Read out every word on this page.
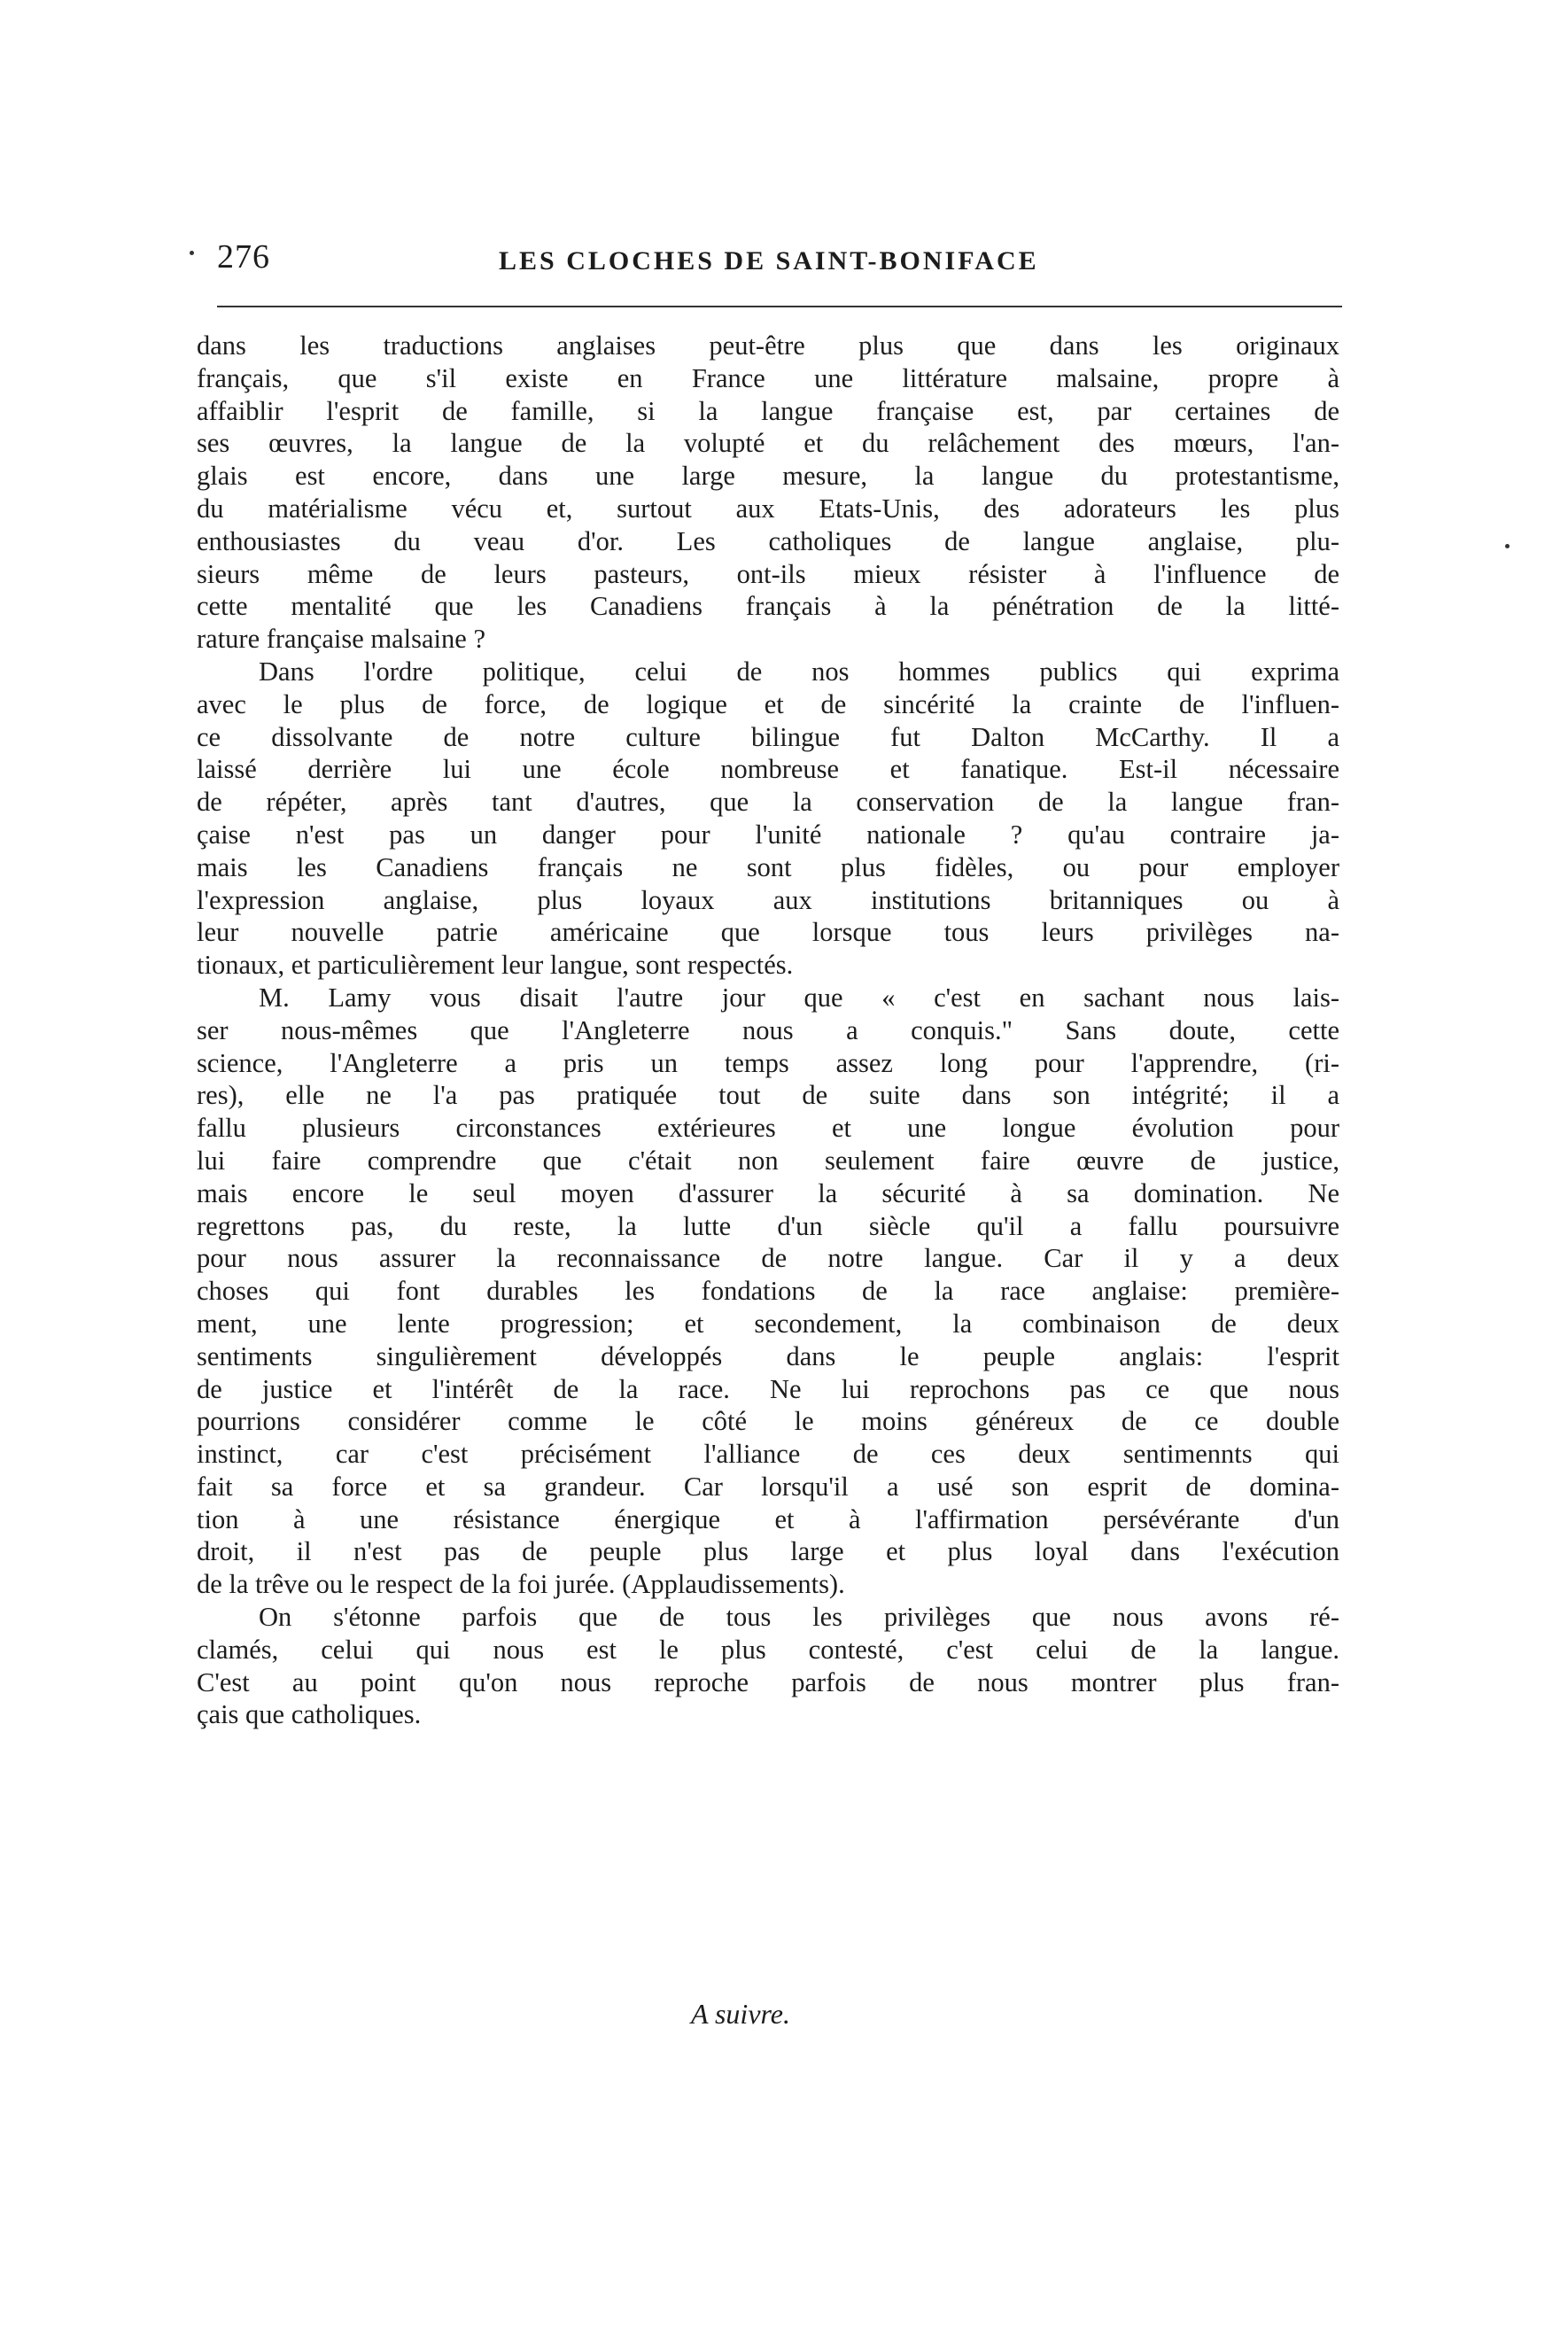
276	LES CLOCHES DE SAINT-BONIFACE
dans les traductions anglaises peut-être plus que dans les originaux
français, que s'il existe en France une littérature malsaine, propre à
affaiblir l'esprit de famille, si la langue française est, par certaines de
ses œuvres, la langue de la volupté et du relâchement des mœurs, l'an-
glais est encore, dans une large mesure, la langue du protestantisme,
du matérialisme vécu et, surtout aux Etats-Unis, des adorateurs les plus
enthousiastes du veau d'or. Les catholiques de langue anglaise, plu-
sieurs même de leurs pasteurs, ont-ils mieux résister à l'influence de
cette mentalité que les Canadiens français à la pénétration de la litté-
rature française malsaine ?
Dans l'ordre politique, celui de nos hommes publics qui exprima
avec le plus de force, de logique et de sincérité la crainte de l'influen-
ce dissolvante de notre culture bilingue fut Dalton McCarthy. Il a
laissé derrière lui une école nombreuse et fanatique. Est-il nécessaire
de répéter, après tant d'autres, que la conservation de la langue fran-
çaise n'est pas un danger pour l'unité nationale ? qu'au contraire ja-
mais les Canadiens français ne sont plus fidèles, ou pour employer
l'expression anglaise, plus loyaux aux institutions britanniques ou à
leur nouvelle patrie américaine que lorsque tous leurs privilèges na-
tionaux, et particulièrement leur langue, sont respectés.
M. Lamy vous disait l'autre jour que « c'est en sachant nous lais-
ser nous-mêmes que l'Angleterre nous a conquis." Sans doute, cette
science, l'Angleterre a pris un temps assez long pour l'apprendre, (ri-
res), elle ne l'a pas pratiquée tout de suite dans son intégrité; il a
fallu plusieurs circonstances extérieures et une longue évolution pour
lui faire comprendre que c'était non seulement faire œuvre de justice,
mais encore le seul moyen d'assurer la sécurité à sa domination. Ne
regrettons pas, du reste, la lutte d'un siècle qu'il a fallu poursuivre
pour nous assurer la reconnaissance de notre langue. Car il y a deux
choses qui font durables les fondations de la race anglaise: première-
ment, une lente progression; et secondement, la combinaison de deux
sentiments singulièrement développés dans le peuple anglais: l'esprit
de justice et l'intérêt de la race. Ne lui reprochons pas ce que nous
pourrions considérer comme le côté le moins généreux de ce double
instinct, car c'est précisément l'alliance de ces deux sentimennts qui
fait sa force et sa grandeur. Car lorsqu'il a usé son esprit de domina-
tion à une résistance énergique et à l'affirmation persévérante d'un
droit, il n'est pas de peuple plus large et plus loyal dans l'exécution
de la trêve ou le respect de la foi jurée. (Applaudissements).
On s'étonne parfois que de tous les privilèges que nous avons ré-
clamés, celui qui nous est le plus contesté, c'est celui de la langue.
C'est au point qu'on nous reproche parfois de nous montrer plus fran-
çais que catholiques.
A suivre.
